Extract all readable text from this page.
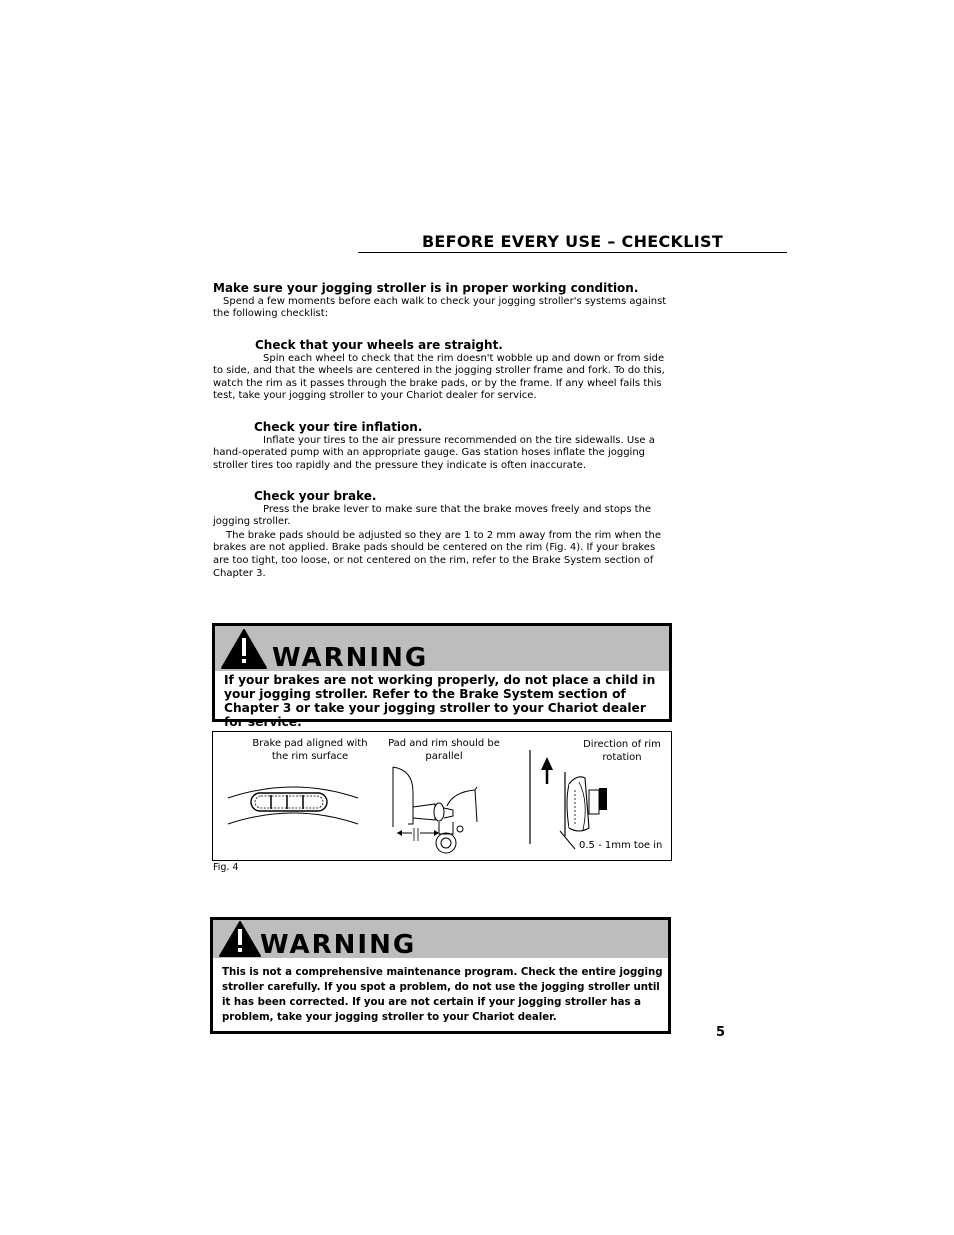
BEFORE EVERY USE – CHECKLIST

Make sure your jogging stroller is in proper working condition.

Spend a few moments before each walk to check your jogging stroller's systems against the following checklist:

Check that your wheels are straight.

Spin each wheel to check that the rim doesn't wobble up and down or from side to side, and that the wheels are centered in the jogging stroller frame and fork. To do this, watch the rim as it passes through the brake pads, or by the frame. If any wheel fails this test, take your jogging stroller to your Chariot dealer for service.

Check your tire inflation.

Inflate your tires to the air pressure recommended on the tire sidewalls. Use a hand-operated pump with an appropriate gauge. Gas station hoses inflate the jogging stroller tires too rapidly and the pressure they indicate is often inaccurate.

Check your brake.

Press the brake lever to make sure that the brake moves freely and stops the jogging stroller.

The brake pads should be adjusted so they are 1 to 2 mm away from the rim when the brakes are not applied. Brake pads should be centered on the rim (Fig. 4). If your brakes are too tight, too loose, or not centered on the rim, refer to the Brake System section of Chapter 3.

WARNING
If your brakes are not working properly, do not place a child in your jogging stroller. Refer to the Brake System section of Chapter 3 or take your jogging stroller to your Chariot dealer for service.
Brake pad aligned with the rim surface
Pad and rim should be parallel
Direction of rim rotation
0.5 - 1mm toe in
Fig. 4
WARNING
This is not a comprehensive maintenance program. Check the entire jogging stroller carefully. If you spot a problem, do not use the jogging stroller until it has been corrected. If you are not certain if your jogging stroller has a problem, take your jogging stroller to your Chariot dealer.
5
